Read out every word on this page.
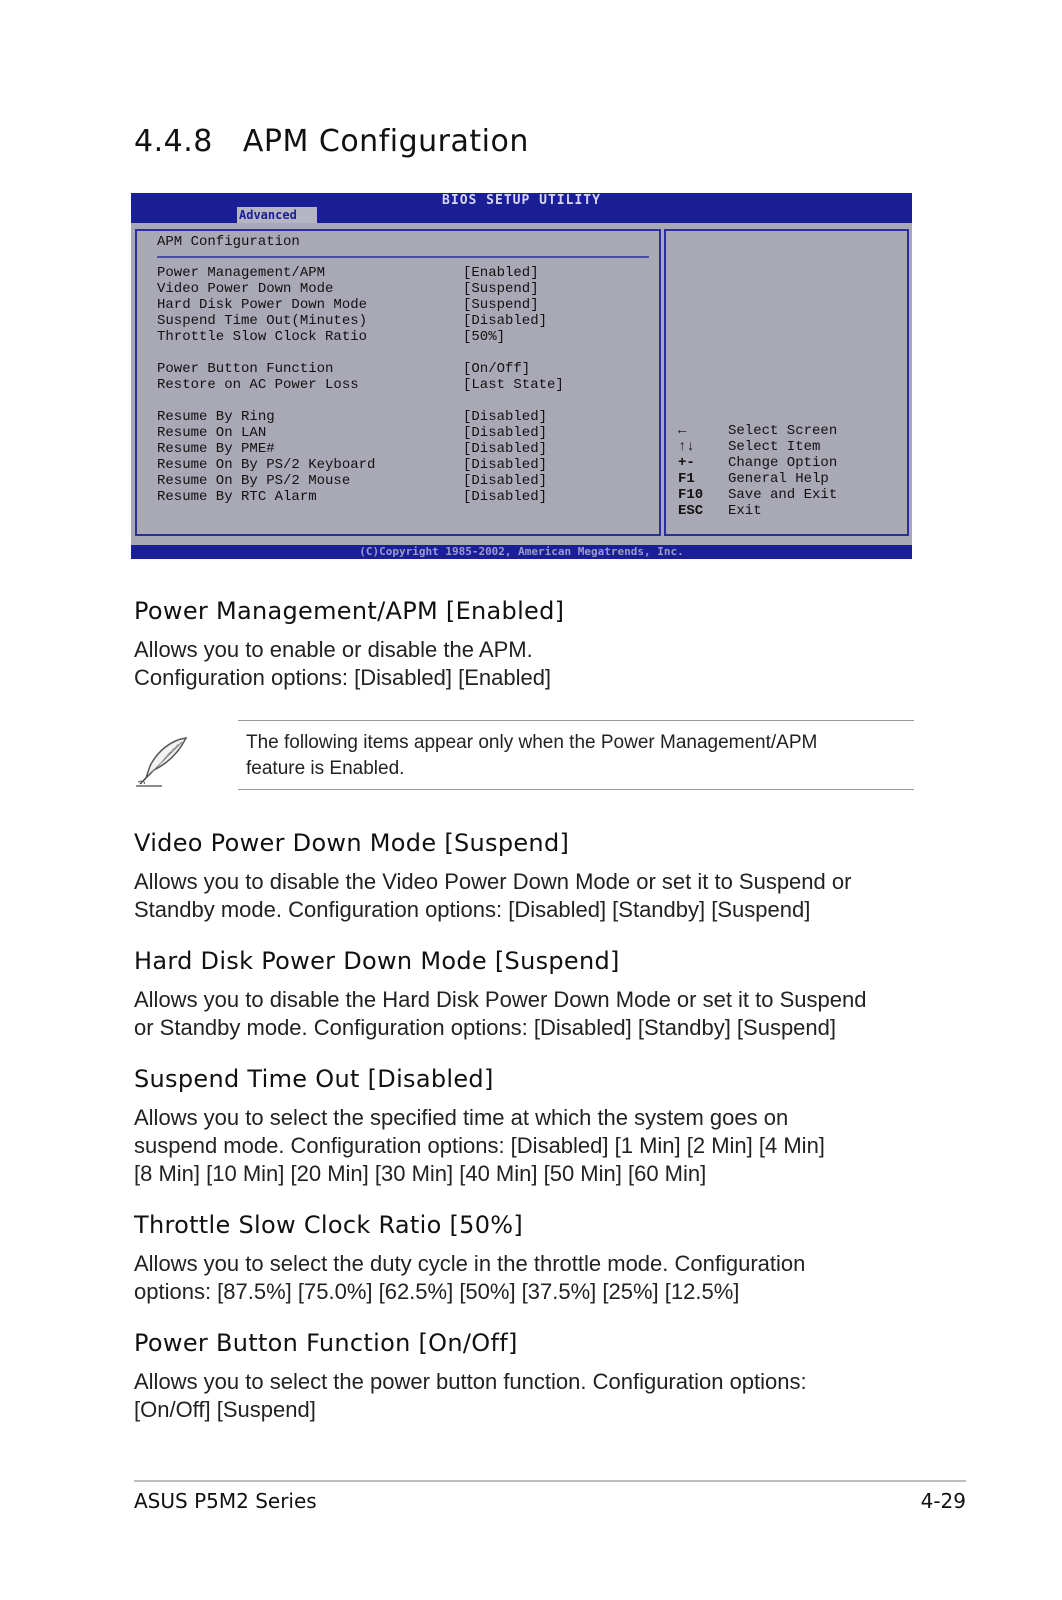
4.4.8 APM Configuration
BIOS SETUP UTILITY
Advanced
APM Configuration
Power Management/APM	[Enabled]
Video Power Down Mode	[Suspend]
Hard Disk Power Down Mode	[Suspend]
Suspend Time Out(Minutes)	[Disabled]
Throttle Slow Clock Ratio	[50%]
Power Button Function	[On/Off]
Restore on AC Power Loss	[Last State]
Resume By Ring	[Disabled]
Resume On LAN	[Disabled]
Resume By PME#	[Disabled]
Resume On By PS/2 Keyboard	[Disabled]
Resume On By PS/2 Mouse	[Disabled]
Resume By RTC Alarm	[Disabled]
←	Select Screen
↑↓ Select Item
+- Change Option
F1 General Help
F10 Save and Exit
ESC Exit
(C)Copyright 1985-2002, American Megatrends, Inc.
Power Management/APM [Enabled]

Allows you to enable or disable the APM.
Configuration options: [Disabled] [Enabled]

The following items appear only when the Power Management/APM
feature is Enabled.

Video Power Down Mode [Suspend]

Allows you to disable the Video Power Down Mode or set it to Suspend or
Standby mode. Configuration options: [Disabled] [Standby] [Suspend]

Hard Disk Power Down Mode [Suspend]

Allows you to disable the Hard Disk Power Down Mode or set it to Suspend
or Standby mode. Configuration options: [Disabled] [Standby] [Suspend]

Suspend Time Out [Disabled]

Allows you to select the specified time at which the system goes on
suspend mode. Configuration options: [Disabled] [1 Min] [2 Min] [4 Min]
[8 Min] [10 Min] [20 Min] [30 Min] [40 Min] [50 Min] [60 Min]

Throttle Slow Clock Ratio [50%]

Allows you to select the duty cycle in the throttle mode. Configuration
options: [87.5%] [75.0%] [62.5%] [50%] [37.5%] [25%] [12.5%]

Power Button Function [On/Off]

Allows you to select the power button function. Configuration options:
[On/Off] [Suspend]

ASUS P5M2 Series	4-29
